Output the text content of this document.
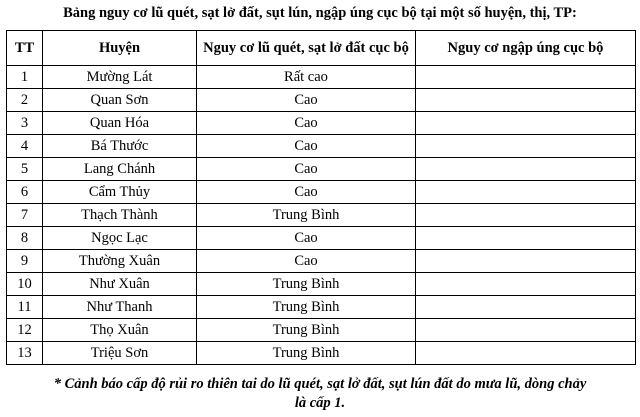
Bảng nguy cơ lũ quét, sạt lở đất, sụt lún, ngập úng cục bộ tại một số huyện, thị, TP:
TT	Huyện	Nguy cơ lũ quét, sạt lở đất cục bộ	Nguy cơ ngập úng cục bộ
1	Mường Lát	Rất cao	
2	Quan Sơn	Cao	
3	Quan Hóa	Cao	
4	Bá Thước	Cao	
5	Lang Chánh	Cao	
6	Cẩm Thủy	Cao	
7	Thạch Thành	Trung Bình	
8	Ngọc Lạc	Cao	
9	Thường Xuân	Cao	
10	Như Xuân	Trung Bình	
11	Như Thanh	Trung Bình	
12	Thọ Xuân	Trung Bình	
13	Triệu Sơn	Trung Bình	
* Cảnh báo cấp độ rủi ro thiên tai do lũ quét, sạt lở đất, sụt lún đất do mưa lũ, dòng chảy
là cấp 1.
